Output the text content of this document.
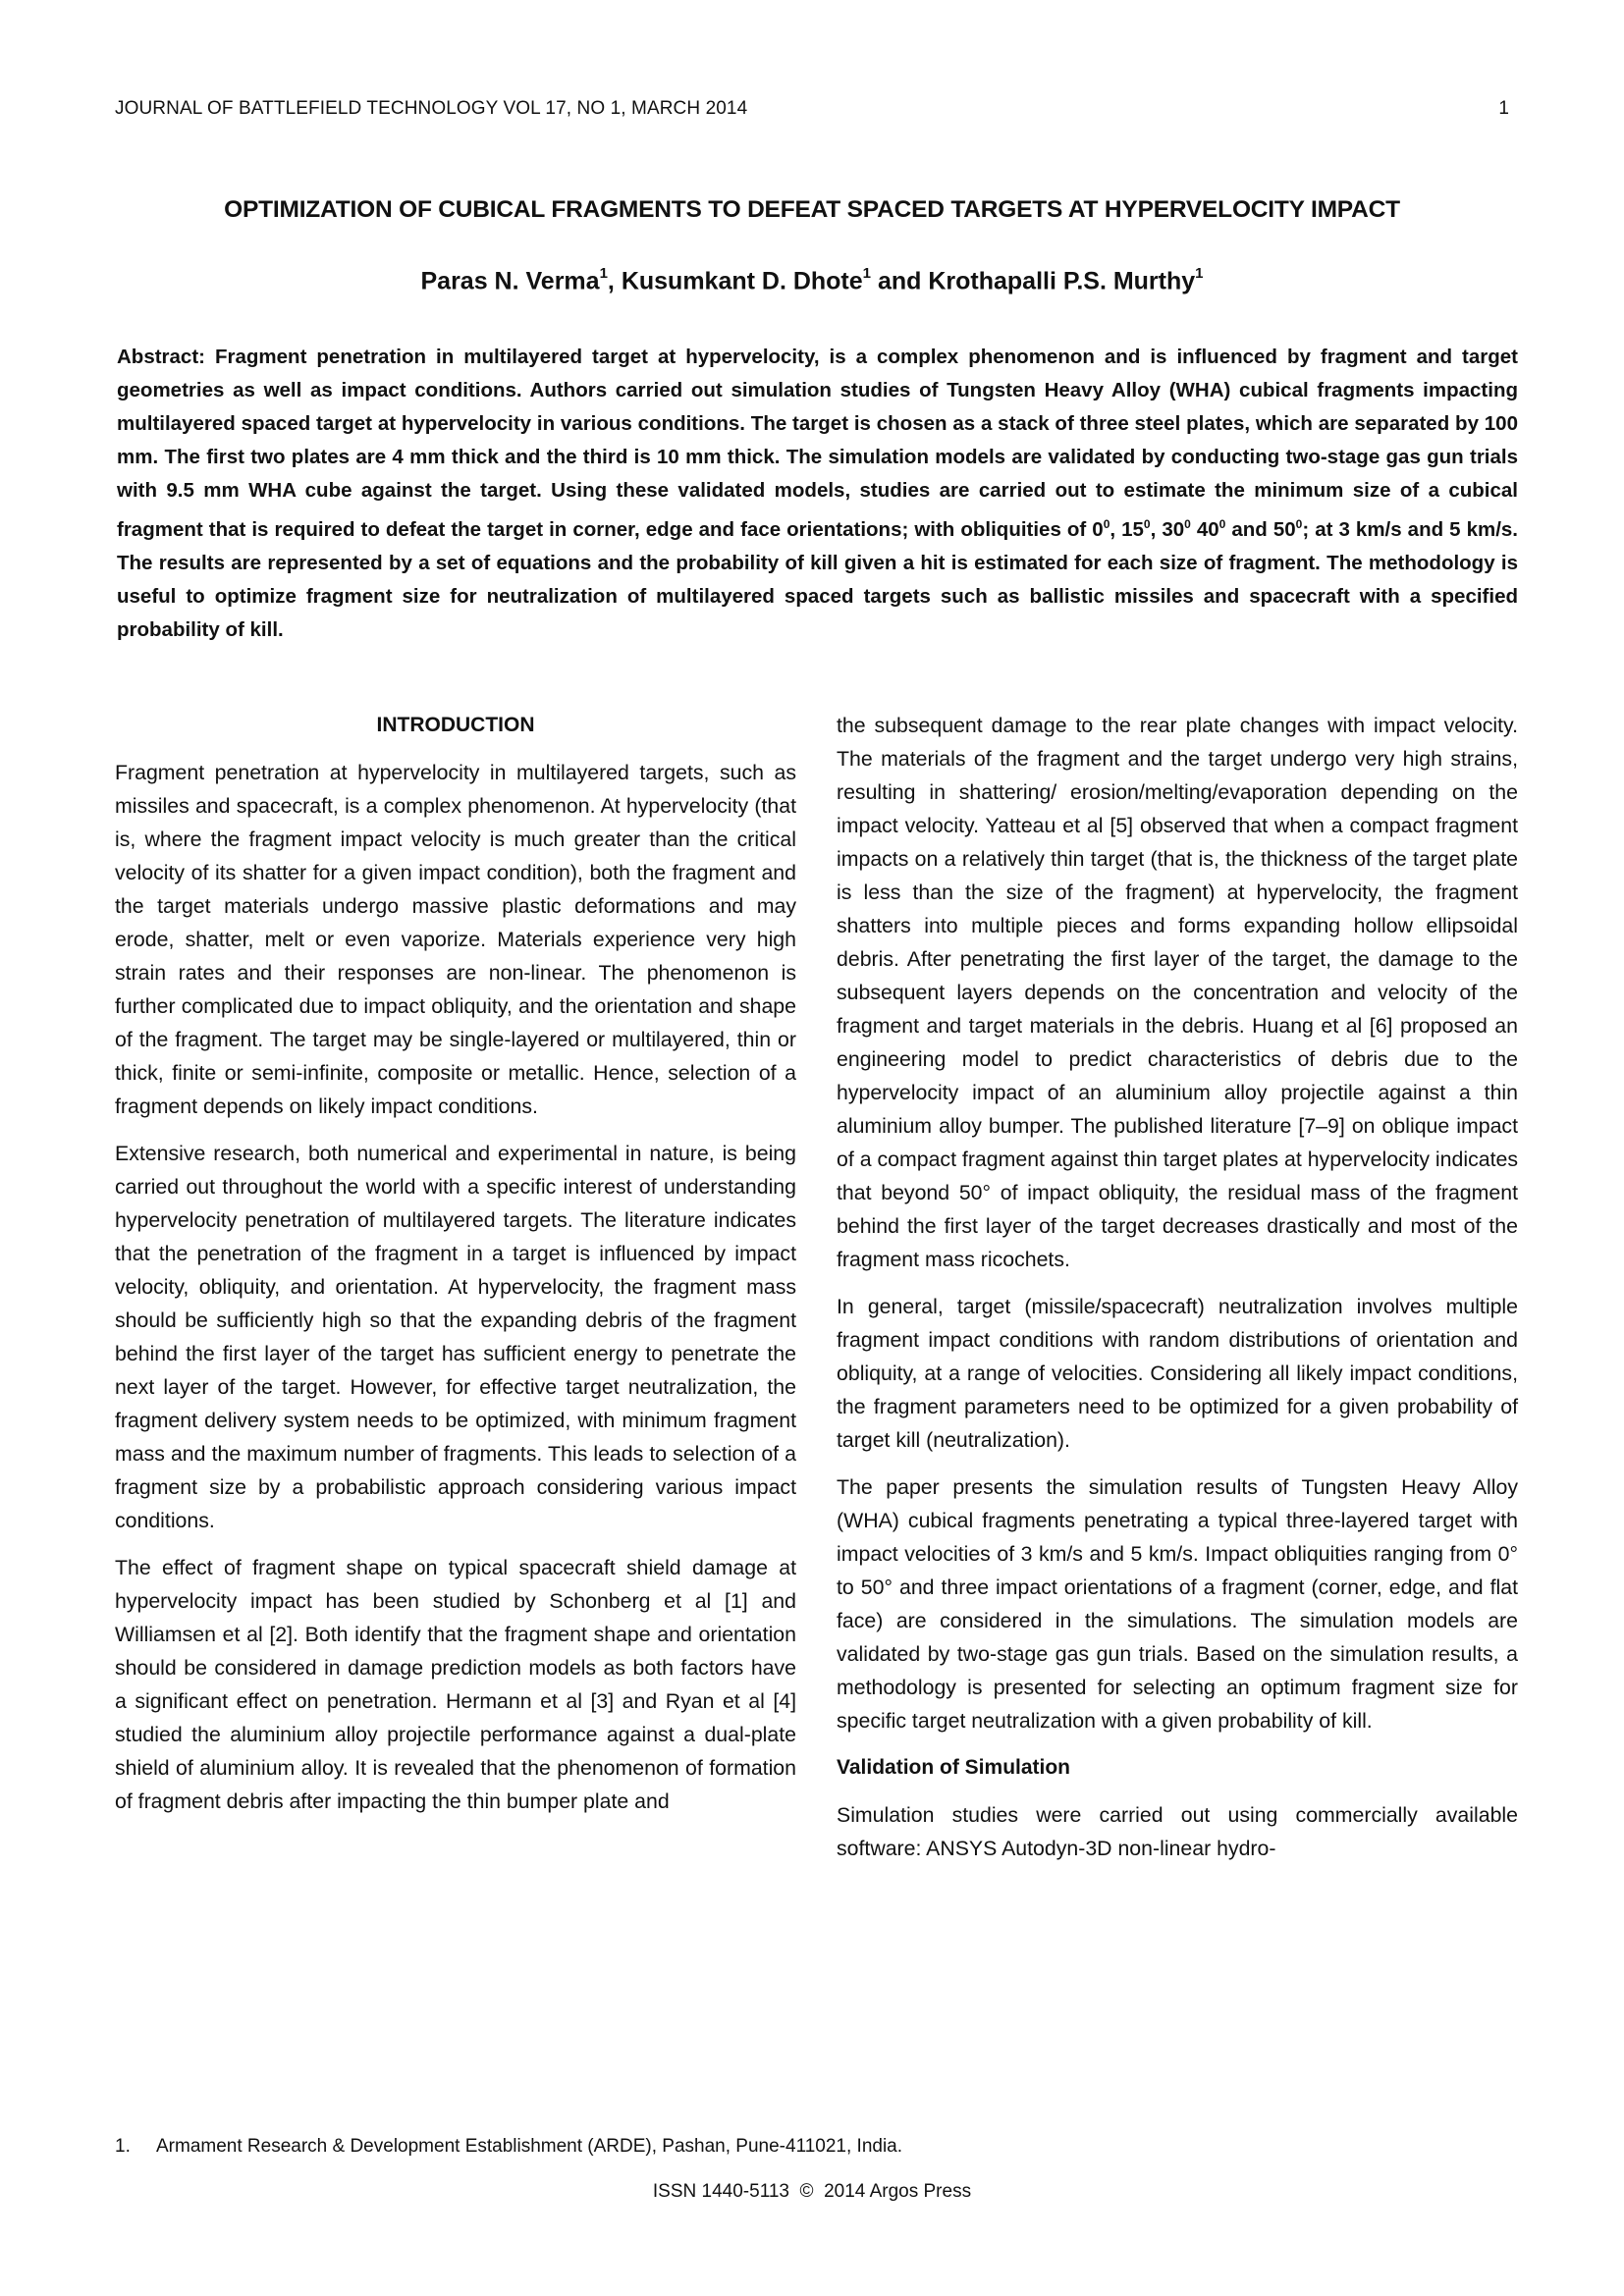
JOURNAL OF BATTLEFIELD TECHNOLOGY VOL 17, NO 1, MARCH 2014	1
OPTIMIZATION OF CUBICAL FRAGMENTS TO DEFEAT SPACED TARGETS AT HYPERVELOCITY IMPACT
Paras N. Verma$^1$, Kusumkant D. Dhote$^1$ and Krothapalli P.S. Murthy$^1$
Abstract: Fragment penetration in multilayered target at hypervelocity, is a complex phenomenon and is influenced by fragment and target geometries as well as impact conditions. Authors carried out simulation studies of Tungsten Heavy Alloy (WHA) cubical fragments impacting multilayered spaced target at hypervelocity in various conditions. The target is chosen as a stack of three steel plates, which are separated by 100 mm. The first two plates are 4 mm thick and the third is 10 mm thick. The simulation models are validated by conducting two-stage gas gun trials with 9.5 mm WHA cube against the target. Using these validated models, studies are carried out to estimate the minimum size of a cubical fragment that is required to defeat the target in corner, edge and face orientations; with obliquities of $0^0$, $15^0$, $30^0$ $40^0$ and $50^0$; at 3 km/s and 5 km/s. The results are represented by a set of equations and the probability of kill given a hit is estimated for each size of fragment. The methodology is useful to optimize fragment size for neutralization of multilayered spaced targets such as ballistic missiles and spacecraft with a specified probability of kill.
INTRODUCTION

Fragment penetration at hypervelocity in multilayered targets, such as missiles and spacecraft, is a complex phenomenon. At hypervelocity (that is, where the fragment impact velocity is much greater than the critical velocity of its shatter for a given impact condition), both the fragment and the target materials undergo massive plastic deformations and may erode, shatter, melt or even vaporize. Materials experience very high strain rates and their responses are non-linear. The phenomenon is further complicated due to impact obliquity, and the orientation and shape of the fragment. The target may be single-layered or multilayered, thin or thick, finite or semi-infinite, composite or metallic. Hence, selection of a fragment depends on likely impact conditions.

Extensive research, both numerical and experimental in nature, is being carried out throughout the world with a specific interest of understanding hypervelocity penetration of multilayered targets. The literature indicates that the penetration of the fragment in a target is influenced by impact velocity, obliquity, and orientation. At hypervelocity, the fragment mass should be sufficiently high so that the expanding debris of the fragment behind the first layer of the target has sufficient energy to penetrate the next layer of the target. However, for effective target neutralization, the fragment delivery system needs to be optimized, with minimum fragment mass and the maximum number of fragments. This leads to selection of a fragment size by a probabilistic approach considering various impact conditions.

The effect of fragment shape on typical spacecraft shield damage at hypervelocity impact has been studied by Schonberg et al [1] and Williamsen et al [2]. Both identify that the fragment shape and orientation should be considered in damage prediction models as both factors have a significant effect on penetration. Hermann et al [3] and Ryan et al [4] studied the aluminium alloy projectile performance against a dual-plate shield of aluminium alloy. It is revealed that the phenomenon of formation of fragment debris after impacting the thin bumper plate and

the subsequent damage to the rear plate changes with impact velocity. The materials of the fragment and the target undergo very high strains, resulting in shattering/ erosion/melting/evaporation depending on the impact velocity. Yatteau et al [5] observed that when a compact fragment impacts on a relatively thin target (that is, the thickness of the target plate is less than the size of the fragment) at hypervelocity, the fragment shatters into multiple pieces and forms expanding hollow ellipsoidal debris. After penetrating the first layer of the target, the damage to the subsequent layers depends on the concentration and velocity of the fragment and target materials in the debris. Huang et al [6] proposed an engineering model to predict characteristics of debris due to the hypervelocity impact of an aluminium alloy projectile against a thin aluminium alloy bumper. The published literature [7–9] on oblique impact of a compact fragment against thin target plates at hypervelocity indicates that beyond 50° of impact obliquity, the residual mass of the fragment behind the first layer of the target decreases drastically and most of the fragment mass ricochets.

In general, target (missile/spacecraft) neutralization involves multiple fragment impact conditions with random distributions of orientation and obliquity, at a range of velocities. Considering all likely impact conditions, the fragment parameters need to be optimized for a given probability of target kill (neutralization).

The paper presents the simulation results of Tungsten Heavy Alloy (WHA) cubical fragments penetrating a typical three-layered target with impact velocities of 3 km/s and 5 km/s. Impact obliquities ranging from 0° to 50° and three impact orientations of a fragment (corner, edge, and flat face) are considered in the simulations. The simulation models are validated by two-stage gas gun trials. Based on the simulation results, a methodology is presented for selecting an optimum fragment size for specific target neutralization with a given probability of kill.

Validation of Simulation

Simulation studies were carried out using commercially available software: ANSYS Autodyn-3D non-linear hydro-

1. Armament Research & Development Establishment (ARDE), Pashan, Pune-411021, India.
ISSN 1440-5113  ©  2014 Argos Press
